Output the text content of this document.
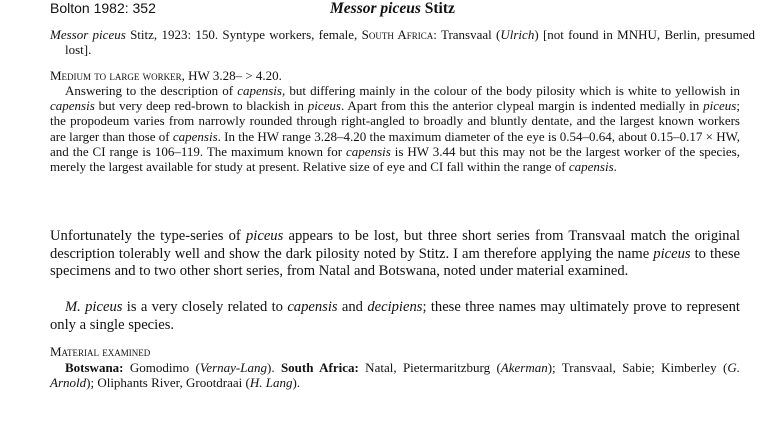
Bolton 1982: 352	Messor piceus Stitz
Messor piceus Stitz, 1923: 150. Syntype workers, female, South Africa: Transvaal (Ulrich) [not found in MNHU, Berlin, presumed lost].
Medium to large worker, HW 3.28– > 4.20.
Answering to the description of capensis, but differing mainly in the colour of the body pilosity which is white to yellowish in capensis but very deep red-brown to blackish in piceus. Apart from this the anterior clypeal margin is indented medially in piceus; the propodeum varies from narrowly rounded through right-angled to broadly and bluntly dentate, and the largest known workers are larger than those of capensis. In the HW range 3.28–4.20 the maximum diameter of the eye is 0.54–0.64, about 0.15–0.17 × HW, and the CI range is 106–119. The maximum known for capensis is HW 3.44 but this may not be the largest worker of the species, merely the largest available for study at present. Relative size of eye and CI fall within the range of capensis.
Unfortunately the type-series of piceus appears to be lost, but three short series from Transvaal match the original description tolerably well and show the dark pilosity noted by Stitz. I am therefore applying the name piceus to these specimens and to two other short series, from Natal and Botswana, noted under material examined.
M. piceus is a very closely related to capensis and decipiens; these three names may ultimately prove to represent only a single species.
Material examined
Botswana: Gomodimo (Vernay-Lang). South Africa: Natal, Pietermaritzburg (Akerman); Transvaal, Sabie; Kimberley (G. Arnold); Oliphants River, Grootdraai (H. Lang).
